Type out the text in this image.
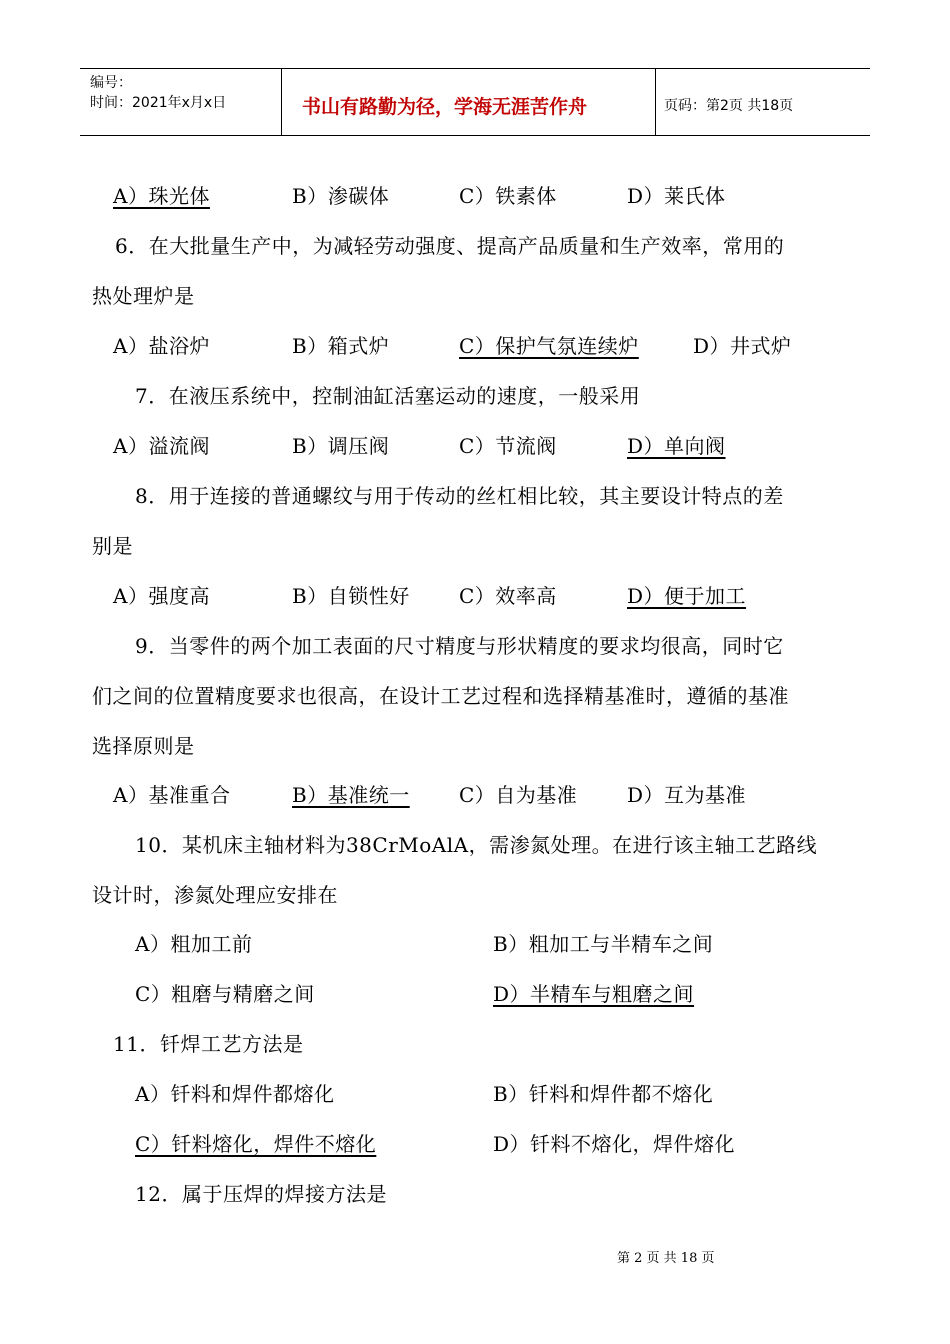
编号：
时间：2021年x月x日	书山有路勤为径，学海无涯苦作舟	页码：第2页 共18页
A）珠光体	B）渗碳体	C）铁素体	D）莱氏体
6．在大批量生产中，为减轻劳动强度、提高产品质量和生产效率，常用的
热处理炉是
A）盐浴炉	B）箱式炉	C）保护气氛连续炉	D）井式炉
7．在液压系统中，控制油缸活塞运动的速度，一般采用
A）溢流阀	B）调压阀	C）节流阀	D）单向阀
8．用于连接的普通螺纹与用于传动的丝杠相比较，其主要设计特点的差
别是
A）强度高	B）自锁性好 C）效率高	D）便于加工
9．当零件的两个加工表面的尺寸精度与形状精度的要求均很高，同时它
们之间的位置精度要求也很高，在设计工艺过程和选择精基准时，遵循的基准
选择原则是
A）基准重合	B）基准统一 C）自为基准 D）互为基准
10．某机床主轴材料为38CrMoAlA，需渗氮处理。在进行该主轴工艺路线
设计时，渗氮处理应安排在
A）粗加工前	B）粗加工与半精车之间
C）粗磨与精磨之间	D）半精车与粗磨之间
11．钎焊工艺方法是
A）钎料和焊件都熔化	B）钎料和焊件都不熔化
C）钎料熔化，焊件不熔化	D）钎料不熔化，焊件熔化
12．属于压焊的焊接方法是
第 2 页 共 18 页
